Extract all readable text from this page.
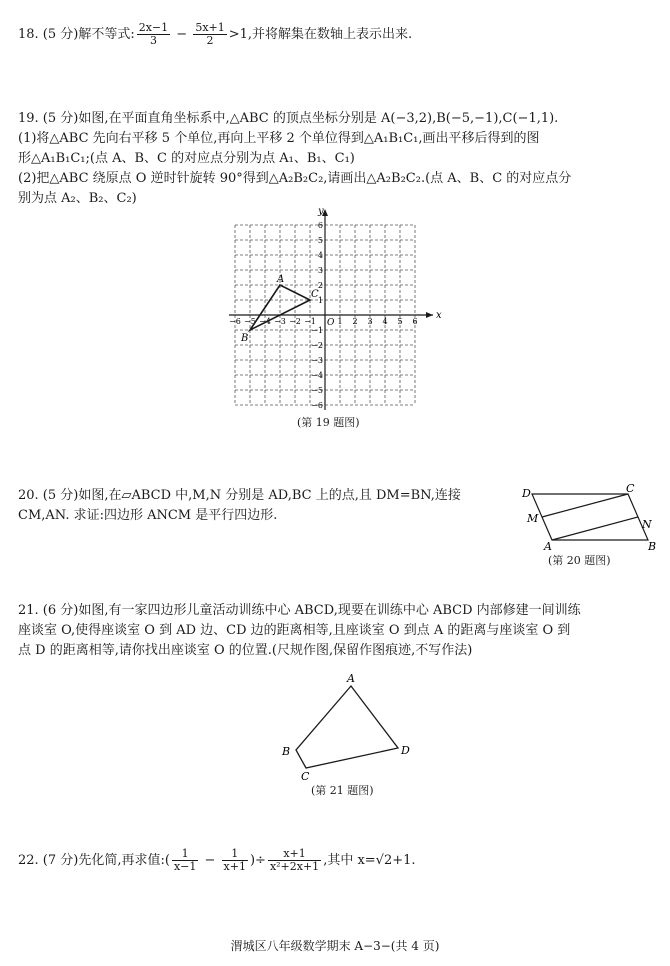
18. (5 分)解不等式: $\frac{2x-1}{3} - \frac{5x+1}{2} >1$,并将解集在数轴上表示出来.
19. (5 分)如图,在平面直角坐标系中,△ABC 的顶点坐标分别是 A(−3,2),B(−5,−1),C(−1,1).
(1)将△ABC 先向右平移 5 个单位,再向上平移 2 个单位得到△A₁B₁C₁,画出平移后得到的图
形△A₁B₁C₁;(点 A、B、C 的对应点分别为点 A₁、B₁、C₁)
(2)把△ABC 绕原点 O 逆时针旋转 90°得到△A₂B₂C₂,请画出△A₂B₂C₂.(点 A、B、C 的对应点分
别为点 A₂、B₂、C₂)
x
y
O
−6 −5 −4 −3 −2 −1	1 2 3 4 5 6
6
5
4
3
2
1
−1
−2
−3
−4
−5
−6
A
B
C
(第 19 题图)
20. (5 分)如图,在▱ABCD 中,M,N 分别是 AD,BC 上的点,且 DM=BN,连接
CM,AN. 求证:四边形 ANCM 是平行四边形.
D	C
M	N
A	B
(第 20 题图)
21. (6 分)如图,有一家四边形儿童活动训练中心 ABCD,现要在训练中心 ABCD 内部修建一间训练
座谈室 O,使得座谈室 O 到 AD 边、CD 边的距离相等,且座谈室 O 到点 A 的距离与座谈室 O 到
点 D 的距离相等,请你找出座谈室 O 的位置.(尺规作图,保留作图痕迹,不写作法)
A
B
C
D
(第 21 题图)
22. (7 分)先化简,再求值:( $\frac{1}{x-1} - \frac{1}{x+1}$ )÷ $\frac{x+1}{\text{x²+2x+1}}$ ,其中 x=√2+1.
渭城区八年级数学期末 A−3−(共 4 页)
